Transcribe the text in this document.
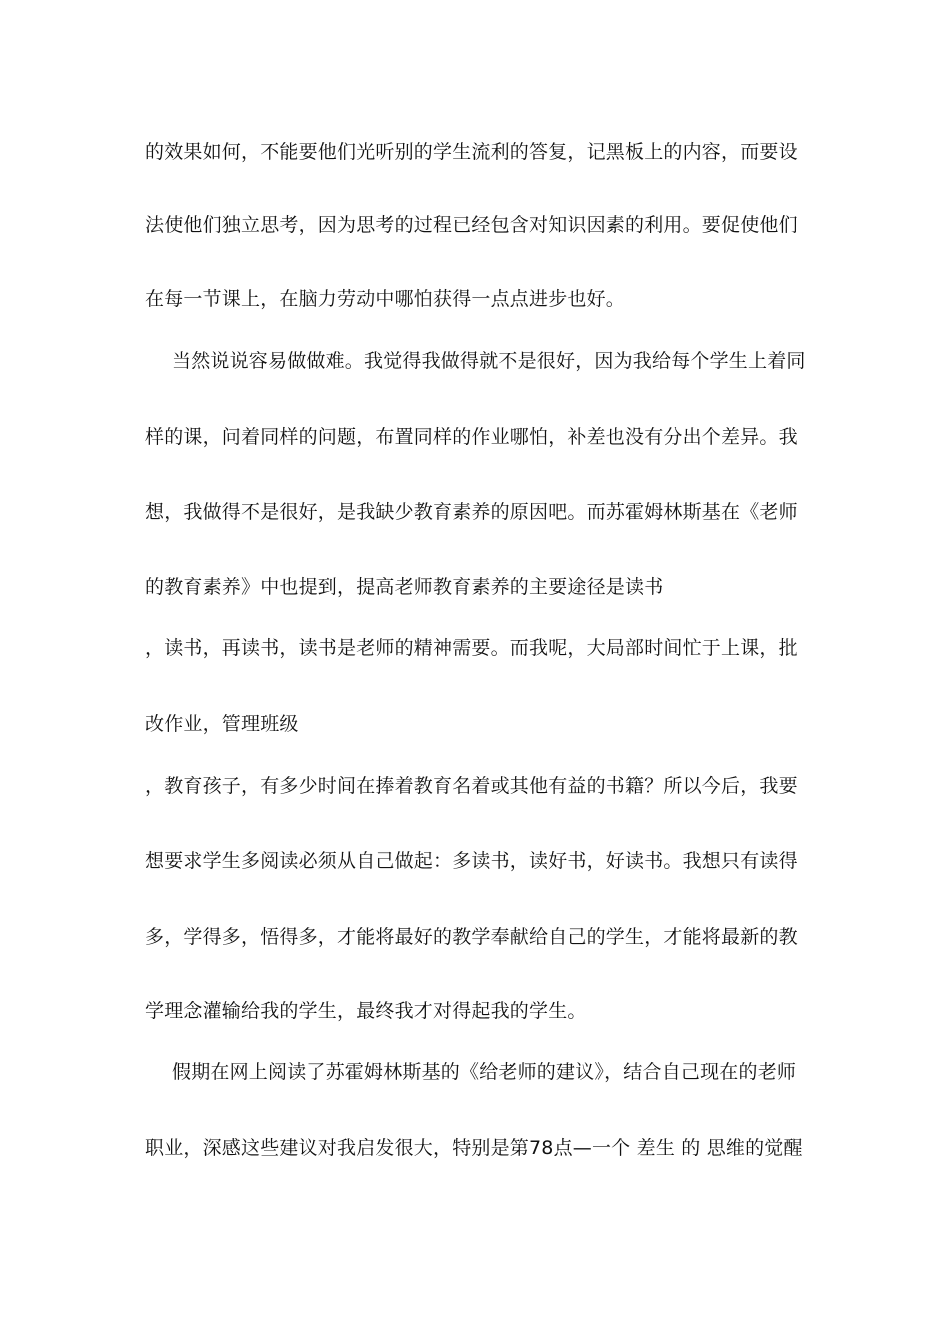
的效果如何，不能要他们光听别的学生流利的答复，记黑板上的内容，而要设
法使他们独立思考，因为思考的过程已经包含对知识因素的利用。要促使他们
在每一节课上，在脑力劳动中哪怕获得一点点进步也好。
当然说说容易做做难。我觉得我做得就不是很好，因为我给每个学生上着同
样的课，问着同样的问题，布置同样的作业哪怕，补差也没有分出个差异。我
想，我做得不是很好，是我缺少教育素养的原因吧。而苏霍姆林斯基在《老师
的教育素养》中也提到，提高老师教育素养的主要途径是读书
，读书，再读书，读书是老师的精神需要。而我呢，大局部时间忙于上课，批
改作业，管理班级
，教育孩子，有多少时间在捧着教育名着或其他有益的书籍？所以今后，我要
想要求学生多阅读必须从自己做起：多读书，读好书，好读书。我想只有读得
多，学得多，悟得多，才能将最好的教学奉献给自己的学生，才能将最新的教
学理念灌输给我的学生，最终我才对得起我的学生。
假期在网上阅读了苏霍姆林斯基的《给老师的建议》，结合自己现在的老师
职业，深感这些建议对我启发很大，特别是第78点—一个 差生 的 思维的觉醒
